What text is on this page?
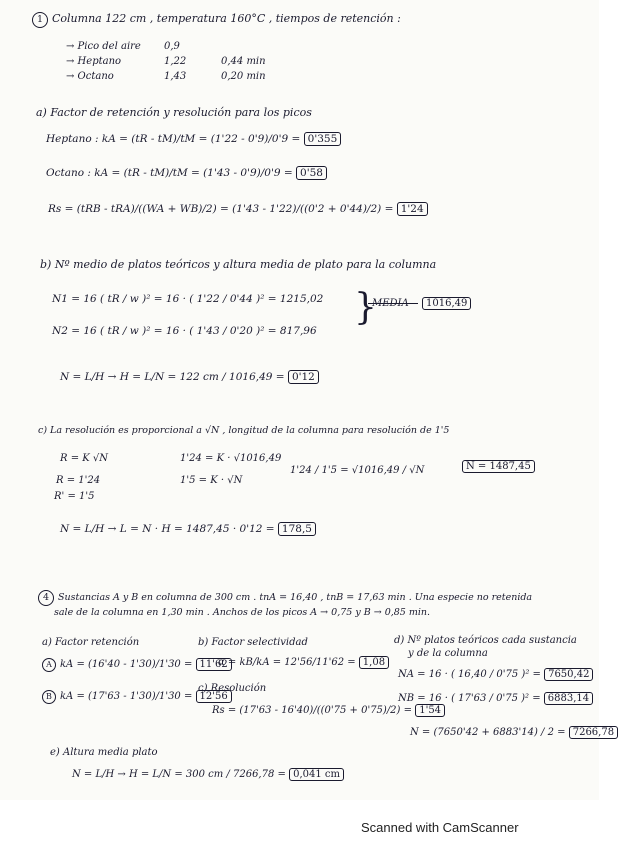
1 Columna 122 cm , temperatura 160°C , tiempos de retención :
→ Pico del aire 0,9
→ Heptano	1,22	0,44 min
→ Octano	1,43	0,20 min
a) Factor de retención y resolución para los picos
Heptano : kA = (tR - tM)/tM = (1'22 - 0'9)/0'9 = 0'355
Octano : kA = (tR - tM)/tM = (1'43 - 0'9)/0'9 = 0'58
Rs = (tRB - tRA)/((WA + WB)/2) = (1'43 - 1'22)/((0'2 + 0'44)/2) = 1'24
b) Nº medio de platos teóricos y altura media de plato para la columna
N1 = 16 ( tR / w )² = 16 · ( 1'22 / 0'44 )² = 1215,02
N2 = 16 ( tR / w )² = 16 · ( 1'43 / 0'20 )² = 817,96
}
MEDIA	1016,49
N = L/H → H = L/N = 122 cm / 1016,49 = 0'12
c) La resolución es proporcional a √N , longitud de la columna para resolución de 1'5
R = K √N	1'24 = K · √1016,49
R = 1'24	1'5 = K · √N
1'24 / 1'5 = √1016,49 / √N	N = 1487,45
R' = 1'5
N = L/H → L = N · H = 1487,45 · 0'12 = 178,5
4 Sustancias A y B en columna de 300 cm . tnA = 16,40 , tnB = 17,63 min . Una especie no retenida
sale de la columna en 1,30 min . Anchos de los picos A → 0,75 y B → 0,85 min.
a) Factor retención
A kA = (16'40 - 1'30)/1'30 = 11'62
B kA = (17'63 - 1'30)/1'30 = 12'56
b) Factor selectividad
α = kB/kA = 12'56/11'62 = 1,08
c) Resolución
Rs = (17'63 - 16'40)/((0'75 + 0'75)/2) = 1'54
d) Nº platos teóricos cada sustancia
y de la columna
NA = 16 · ( 16,40 / 0'75 )² = 7650,42
NB = 16 · ( 17'63 / 0'75 )² = 6883,14
N = (7650'42 + 6883'14) / 2 = 7266,78
e) Altura media plato
N = L/H → H = L/N = 300 cm / 7266,78 = 0,041 cm
Scanned with CamScanner
